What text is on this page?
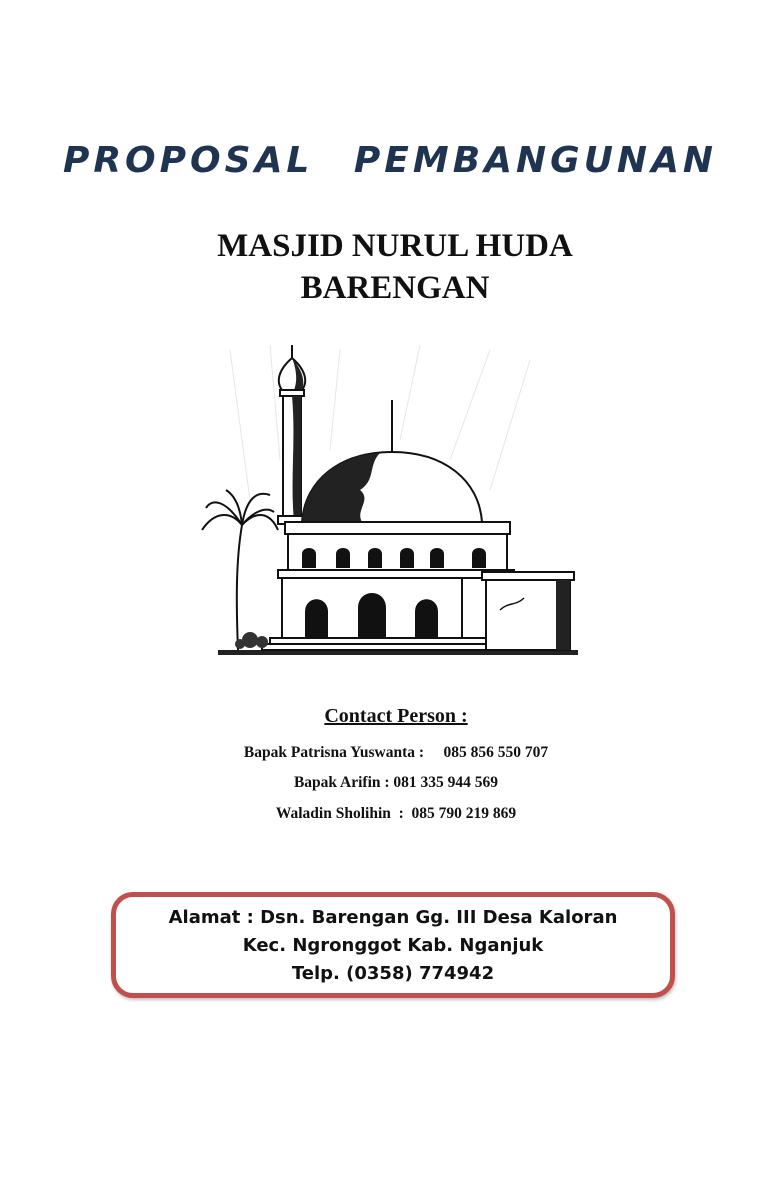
PROPOSAL PEMBANGUNAN
MASJID NURUL HUDA
BARENGAN
Contact Person :
Bapak Patrisna Yuswanta :     085 856 550 707
Bapak Arifin : 081 335 944 569
Waladin Sholihin  :  085 790 219 869
Alamat : Dsn. Barengan Gg. III Desa Kaloran
Kec. Ngronggot Kab. Nganjuk
Telp. (0358) 774942
